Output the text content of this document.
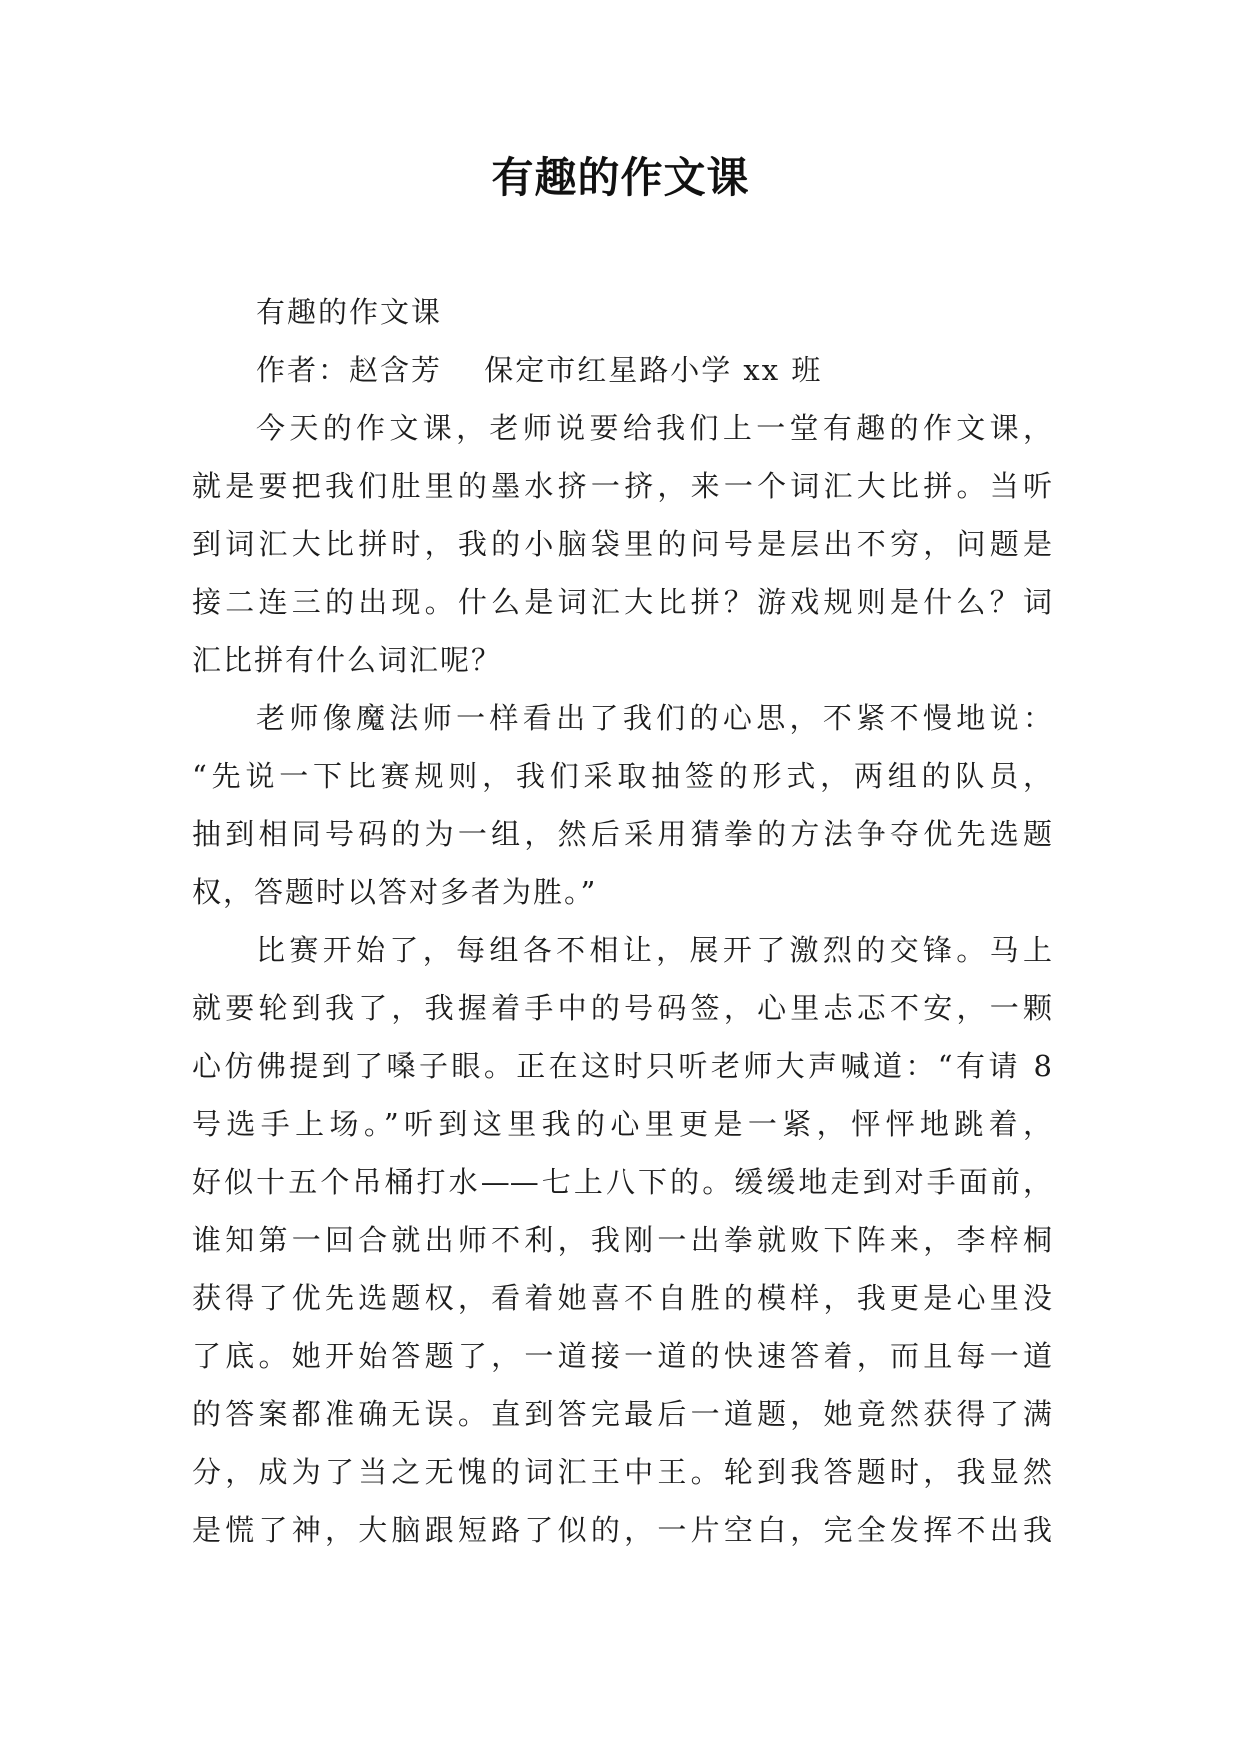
有趣的作文课
有趣的作文课
作者：赵含芳　 保定市红星路小学 xx 班
今天的作文课，老师说要给我们上一堂有趣的作文课，
就是要把我们肚里的墨水挤一挤，来一个词汇大比拼。当听
到词汇大比拼时，我的小脑袋里的问号是层出不穷，问题是
接二连三的出现。什么是词汇大比拼？游戏规则是什么？词
汇比拼有什么词汇呢？
老师像魔法师一样看出了我们的心思，不紧不慢地说：
“先说一下比赛规则，我们采取抽签的形式，两组的队员，
抽到相同号码的为一组，然后采用猜拳的方法争夺优先选题
权，答题时以答对多者为胜。”
比赛开始了，每组各不相让，展开了激烈的交锋。马上
就要轮到我了，我握着手中的号码签，心里忐忑不安，一颗
心仿佛提到了嗓子眼。正在这时只听老师大声喊道：“有请 8
号选手上场。”听到这里我的心里更是一紧，怦怦地跳着，
好似十五个吊桶打水——七上八下的。缓缓地走到对手面前，
谁知第一回合就出师不利，我刚一出拳就败下阵来，李梓桐
获得了优先选题权，看着她喜不自胜的模样，我更是心里没
了底。她开始答题了，一道接一道的快速答着，而且每一道
的答案都准确无误。直到答完最后一道题，她竟然获得了满
分，成为了当之无愧的词汇王中王。轮到我答题时，我显然
是慌了神，大脑跟短路了似的，一片空白，完全发挥不出我
